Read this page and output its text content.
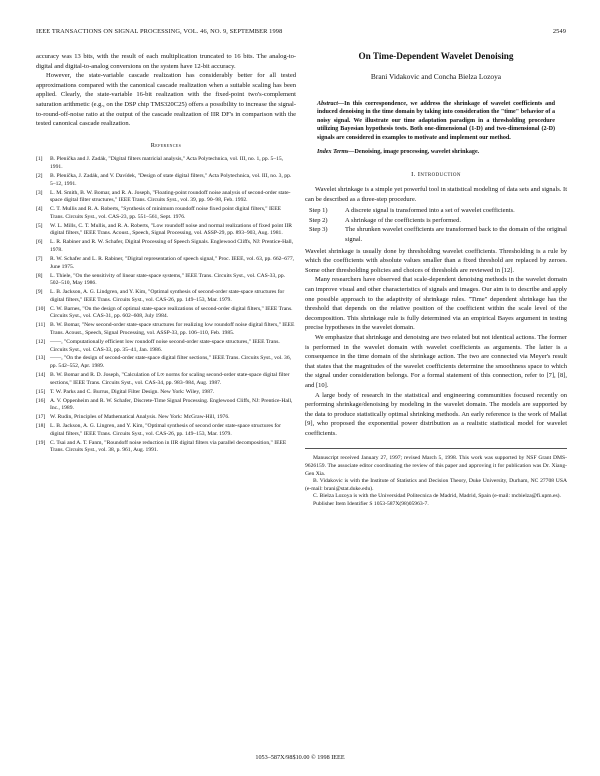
IEEE TRANSACTIONS ON SIGNAL PROCESSING, VOL. 46, NO. 9, SEPTEMBER 1998	2549

accuracy was 13 bits, with the result of each multiplication truncated to 16 bits. The analog-to-digital and digital-to-analog conversions on the system have 12-bit accuracy.

However, the state-variable cascade realization has considerably better for all tested approximations compared with the canonical cascade realization when a suitable scaling has been applied. Clearly, the state-variable 16-bit realization with the fixed-point two's-complement saturation arithmetic (e.g., on the DSP chip TMS320C25) offers a possibility to increase the signal-to-round-off-noise ratio at the output of the cascade realization of IIR DF's in comparison with the tested canonical cascade realization.

References
[1]	B. Plenička and J. Zadák, "Digital filters matricial analysis," Acta Polytechnica, vol. III, no. 1, pp. 5–15, 1991.
[2]	B. Plenička, J. Zadák, and V. Davídek, "Design of state digital filters," Acta Polytechnica, vol. III, no. 3, pp. 5–12, 1991.
[3]	L. M. Smith, B. W. Bomar, and R. A. Joseph, "Floating-point roundoff noise analysis of second-order state-space digital filter structures," IEEE Trans. Circuits Syst., vol. 39, pp. 90–98, Feb. 1992.
[4]	C. T. Mullis and R. A. Roberts, "Synthesis of minimum roundoff noise fixed point digital filters," IEEE Trans. Circuits Syst., vol. CAS-23, pp. 551–561, Sept. 1976.
[5]	W. L. Mills, C. T. Mullis, and R. A. Roberts, "Low roundoff noise and normal realizations of fixed point IIR digital filters," IEEE Trans. Acoust., Speech, Signal Processing, vol. ASSP-29, pp. 893–903, Aug. 1981.
[6]	L. R. Rabiner and R. W. Schafer, Digital Processing of Speech Signals. Englewood Cliffs, NJ: Prentice-Hall, 1978.
[7]	R. W. Schafer and L. R. Rabiner, "Digital representation of speech signal," Proc. IEEE, vol. 63, pp. 662–677, June 1975.
[8]	L. Thiele, "On the sensitivity of linear state-space systems," IEEE Trans. Circuits Syst., vol. CAS-33, pp. 502–510, May 1986.
[9]	L. B. Jackson, A. G. Lindgren, and Y. Kim, "Optimal synthesis of second-order state-space structures for digital filters," IEEE Trans. Circuits Syst., vol. CAS-26, pp. 149–153, Mar. 1979.
[10] C. W. Barnes, "On the design of optimal state-space realizations of second-order digital filters," IEEE Trans. Circuits Syst., vol. CAS-31, pp. 602–608, July 1984.
[11] B. W. Bomar, "New second-order state-space structures for realizing low roundoff noise digital filters," IEEE Trans. Acoust., Speech, Signal Processing, vol. ASSP-33, pp. 106–110, Feb. 1985.
[12] ——, "Computationally efficient low roundoff noise second-order state-space structures," IEEE Trans. Circuits Syst., vol. CAS-33, pp. 35–41, Jan. 1986.
[13] ——, "On the design of second-order state-space digital filter sections," IEEE Trans. Circuits Syst., vol. 36, pp. 542–552, Apr. 1989.
[14] B. W. Bomar and R. D. Joseph, "Calculation of L∞ norms for scaling second-order state-space digital filter sections," IEEE Trans. Circuits Syst., vol. CAS-34, pp. 983–984, Aug. 1987.
[15] T. W. Parks and C. Burrus, Digital Filter Design. New York: Wiley, 1987.
[16] A. V. Oppenheim and R. W. Schafer, Discrete-Time Signal Processing. Englewood Cliffs, NJ: Prentice-Hall, Inc., 1989.
[17] W. Rudin, Principles of Mathematical Analysis. New York: McGraw-Hill, 1976.
[18] L. B. Jackson, A. G. Lingren, and Y. Kim, "Optimal synthesis of second order state-space structures for digital filters," IEEE Trans. Circuits Syst., vol. CAS-26, pp. 149–153, Mar. 1979.
[19] C. Tsai and A. T. Fanm, "Roundoff noise reduction in IIR digital filters via parallel decomposition," IEEE Trans. Circuits Syst., vol. 38, p. 961, Aug. 1991.
On Time-Dependent Wavelet Denoising
Brani Vidakovic and Concha Bielza Lozoya
Abstract—In this correspondence, we address the shrinkage of wavelet coefficients and induced denoising in the time domain by taking into consideration the "time" behavior of a noisy signal. We illustrate our time adaptation paradigm in a thresholding procedure utilizing Bayesian hypothesis tests. Both one-dimensional (1-D) and two-dimensional (2-D) signals are considered in examples to motivate and implement our method.
Index Terms—Denoising, image processing, wavelet shrinkage.
I. Introduction

Wavelet shrinkage is a simple yet powerful tool in statistical modeling of data sets and signals. It can be described as a three-step procedure.

Step 1)	A discrete signal is transformed into a set of wavelet coefficients.
Step 2)	A shrinkage of the coefficients is performed.
Step 3)	The shrunken wavelet coefficients are transformed back to the domain of the original signal.

Wavelet shrinkage is usually done by thresholding wavelet coefficients. Thresholding is a rule by which the coefficients with absolute values smaller than a fixed threshold are replaced by zeroes. Some other thresholding policies and choices of thresholds are reviewed in [12].

Many researchers have observed that scale-dependent denoising methods in the wavelet domain can improve visual and other characteristics of signals and images. Our aim is to describe and apply one possible approach to the adaptivity of shrinkage rules. "Time" dependent shrinkage has the threshold that depends on the relative position of the coefficient within the scale level of the decomposition. This shrinkage rule is fully determined via an empirical Bayes argument in testing precise hypotheses in the wavelet domain.

We emphasize that shrinkage and denoising are two related but not identical actions. The former is performed in the wavelet domain with wavelet coefficients as arguments. The latter is a consequence in the time domain of the shrinkage action. The two are connected via Meyer's result that states that the magnitudes of the wavelet coefficients determine the smoothness space to which the signal under consideration belongs. For a formal statement of this connection, refer to [7], [8], and [10].

A large body of research in the statistical and engineering communities focused recently on performing shrinkage/denoising by modeling in the wavelet domain. The models are supported by the data to produce statistically optimal shrinking methods. An early reference is the work of Mallat [9], who proposed the exponential power distribution as a realistic statistical model for wavelet coefficients.

Manuscript received January 27, 1997; revised March 5, 1998. This work was supported by NSF Grant DMS-9626159. The associate editor coordinating the review of this paper and approving it for publication was Dr. Xiang-Gen Xia.

B. Vidakovic is with the Institute of Statistics and Decision Theory, Duke University, Durham, NC 27708 USA (e-mail: brani@stat.duke.edu).

C. Bielza Lozoya is with the Universidad Politecnica de Madrid, Madrid, Spain (e-mail: mcbielza@fi.upm.es).

Publisher Item Identifier S 1053-587X(98)05963-7.

1053–587X/98$10.00 © 1998 IEEE
